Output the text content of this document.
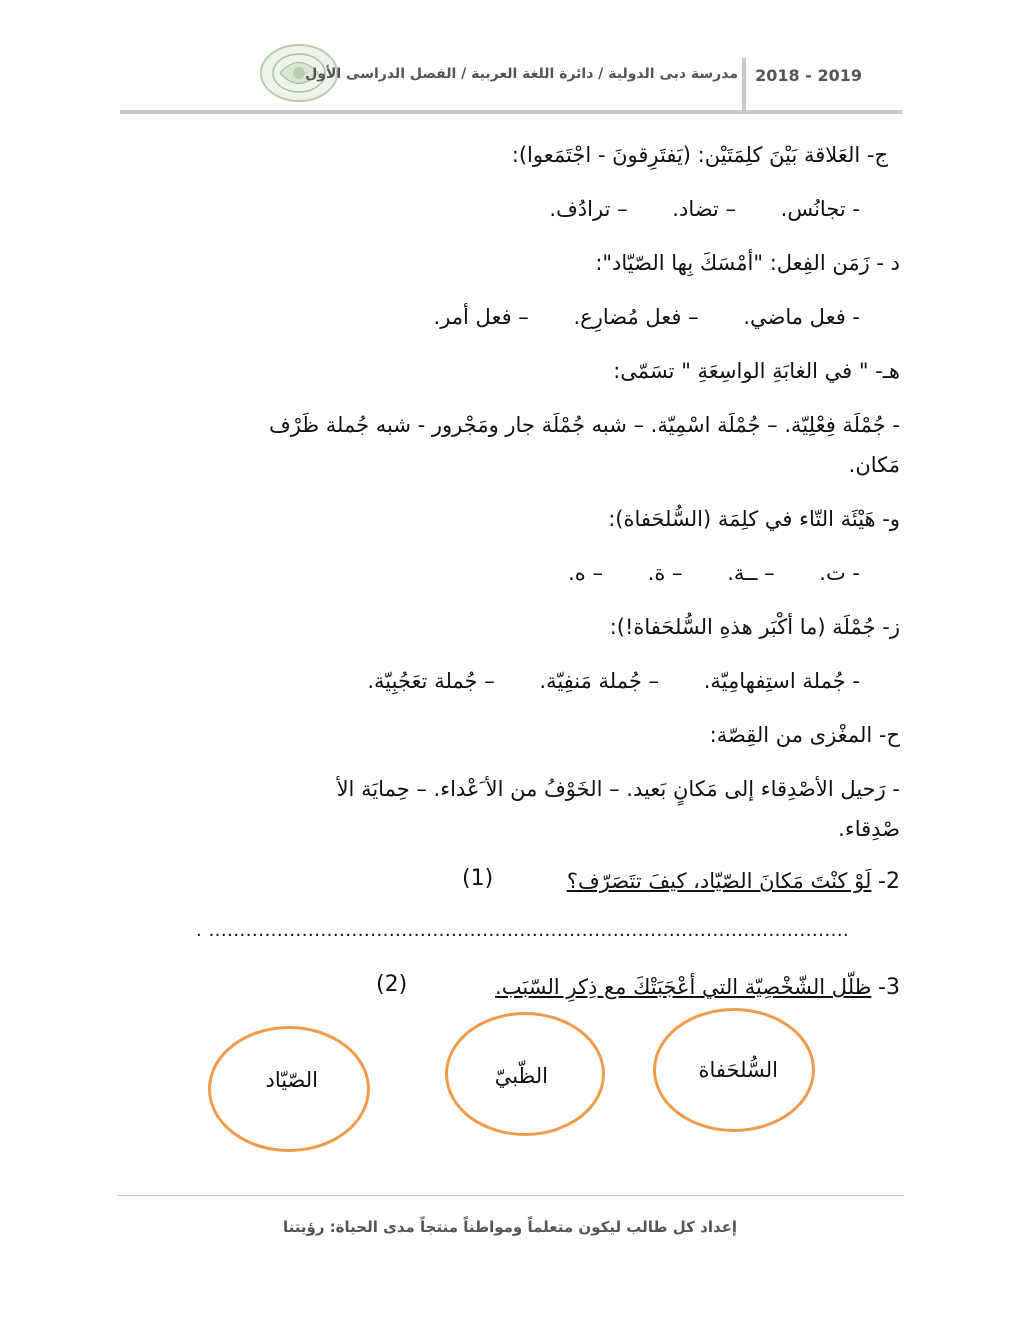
مدرسة دبى الدولية / دائرة اللغة العربية / الفصل الدراسى الأول 2018 - 2019
ج- العَلاقة بَيْنَ كلِمَتَيْن: (يَفتَرِقونَ - اجْتَمَعوا):
- تجانُس. – تضاد. – ترادُف.
د - زَمَن الفِعل: "أمْسَكَ بِها الصّيّاد":
- فعل ماضي. – فعل مُضارِع. – فعل أمر.
هـ- " في الغابَةِ الواسِعَةِ " تسَمّى:
- جُمْلَة فِعْلِيّة. – جُمْلَة اسْمِيّة. – شبه جُمْلَة جار ومَجْرور - شبه جُملة ظَرْف
مَكان.
و- هَيْئَة التّاء في كلِمَة (السُّلحَفاة):
- ت. – ــة. – ة. – ه.
ز- جُمْلَة (ما أكْبَر هذهِ السُّلحَفاة!):
- جُملة استِفهامِيّة. – جُملة مَنفِيّة. – جُملة تعَجُبِيّة.
ح- المغْزى من القِصّة:
- رَحيل الأصْدِقاء إلى مَكانٍ بَعيد. – الخَوْفُ من الأ َعْداء. – حِمايَة الأ
صْدِقاء.
2- لَوْ كنْتَ مَكانَ الصّيّاد، كيفَ تتَصَرّف؟
(1)
. .......................................................................................................
3- ظلّل الشّخْصِيّة التي أعْجَبَتْكَ مع ذِكرِ السّبَب.
(2)
السُّلحَفاة
الظّبيّ
الصّيّاد
إعداد كل طالب ليكون متعلماً ومواطناً منتجاً مدى الحياة: رؤيتنا
